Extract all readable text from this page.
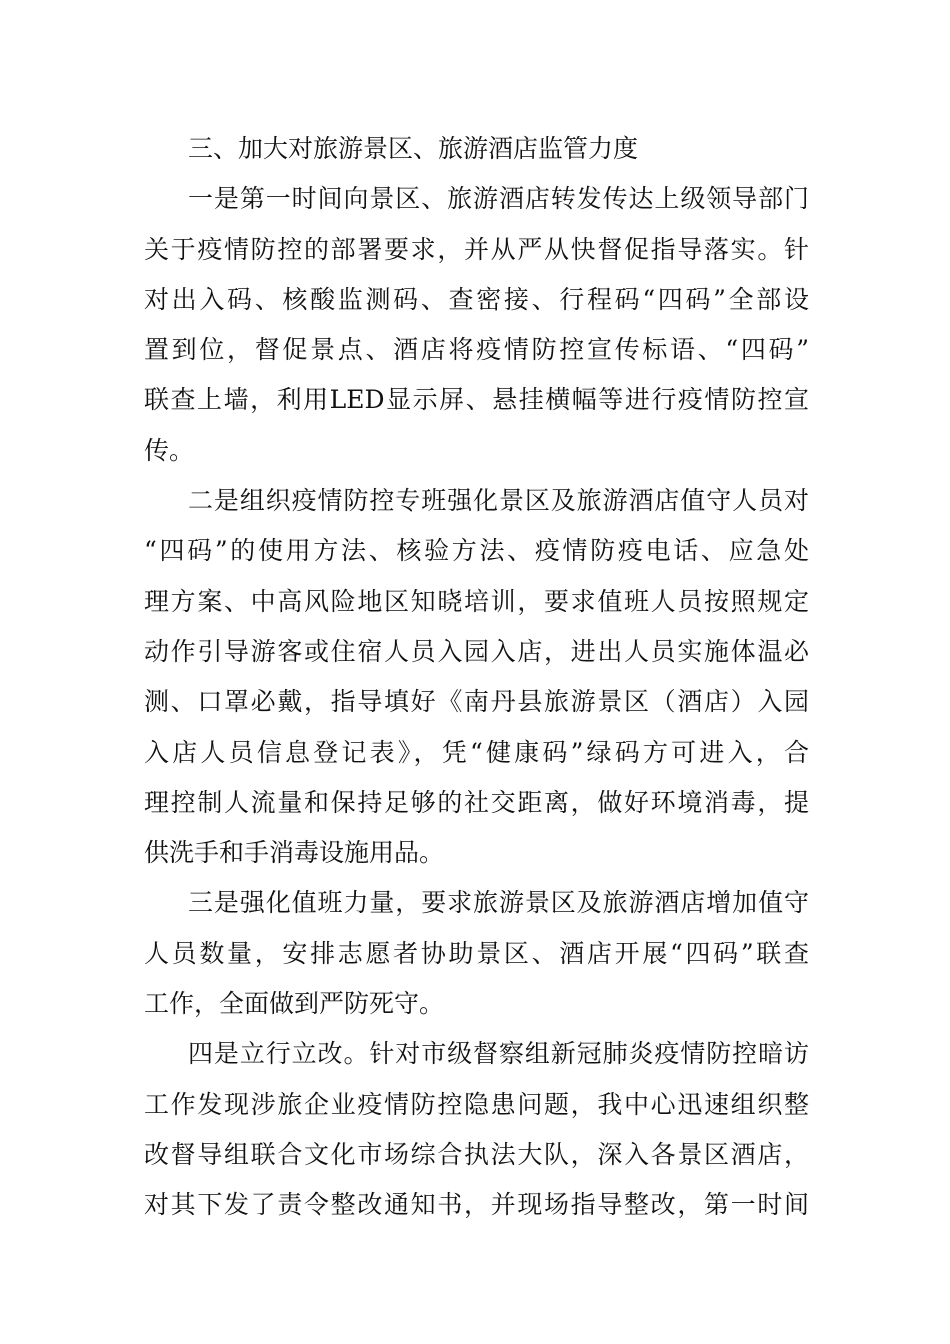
三、加大对旅游景区、旅游酒店监管力度
一是第一时间向景区、旅游酒店转发传达上级领导部门
关于疫情防控的部署要求，并从严从快督促指导落实。针
对出入码、核酸监测码、查密接、行程码“四码”全部设
置到位，督促景点、酒店将疫情防控宣传标语、“四码”
联查上墙，利用LED显示屏、悬挂横幅等进行疫情防控宣
传。
二是组织疫情防控专班强化景区及旅游酒店值守人员对
“四码”的使用方法、核验方法、疫情防疫电话、应急处
理方案、中高风险地区知晓培训，要求值班人员按照规定
动作引导游客或住宿人员入园入店，进出人员实施体温必
测、口罩必戴，指导填好《南丹县旅游景区（酒店）入园
入店人员信息登记表》，凭“健康码”绿码方可进入，合
理控制人流量和保持足够的社交距离，做好环境消毒，提
供洗手和手消毒设施用品。
三是强化值班力量，要求旅游景区及旅游酒店增加值守
人员数量，安排志愿者协助景区、酒店开展“四码”联查
工作，全面做到严防死守。
四是立行立改。针对市级督察组新冠肺炎疫情防控暗访
工作发现涉旅企业疫情防控隐患问题，我中心迅速组织整
改督导组联合文化市场综合执法大队，深入各景区酒店，
对其下发了责令整改通知书，并现场指导整改，第一时间
